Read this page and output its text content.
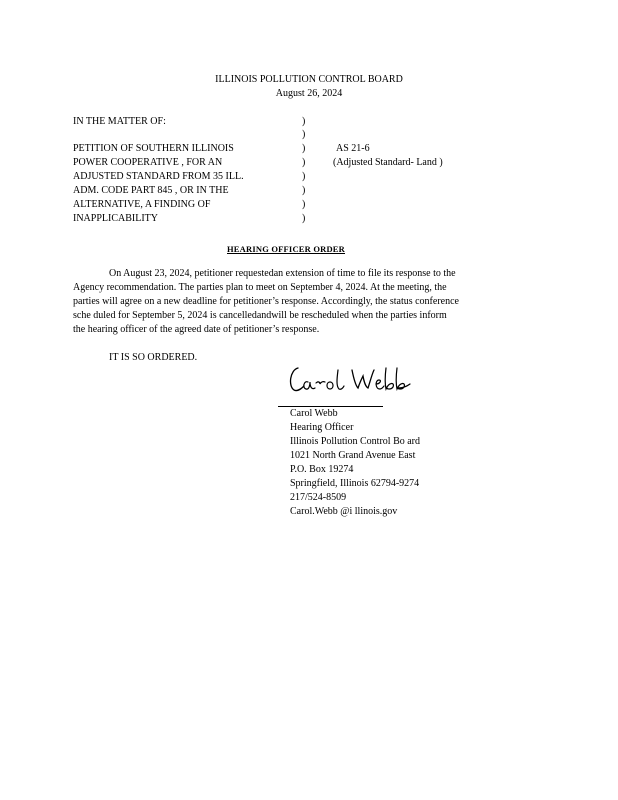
ILLINOIS POLLUTION CONTROL BOARD
August 26, 2024
IN THE MATTER OF:
PETITION OF SOUTHERN ILLINOIS
POWER COOPERATIVE , FOR AN
ADJUSTED STANDARD FROM 35 ILL.
ADM. CODE PART 845 , OR IN THE
ALTERNATIVE, A FINDING OF
INAPPLICABILITY
)
)
)
)
)
)
)
)
AS 21-6
(Adjusted Standard- Land )
HEARING OFFICER ORDER
On August 23, 2024, petitioner requestedan extension of time to file its response to the
Agency recommendation. The parties plan to meet on September 4, 2024. At the meeting, the
parties will agree on a new deadline for petitioner’s response. Accordingly, the status conference
sche duled for September 5, 2024 is cancelledandwill be rescheduled when the parties inform
the hearing officer of the agreed date of petitioner’s response.
IT IS SO ORDERED.
Carol Webb
Hearing Officer
Illinois Pollution Control Bo ard
1021 North Grand Avenue East
P.O. Box 19274
Springfield, Illinois 62794-9274
217/524-8509
Carol.Webb @i llinois.gov
